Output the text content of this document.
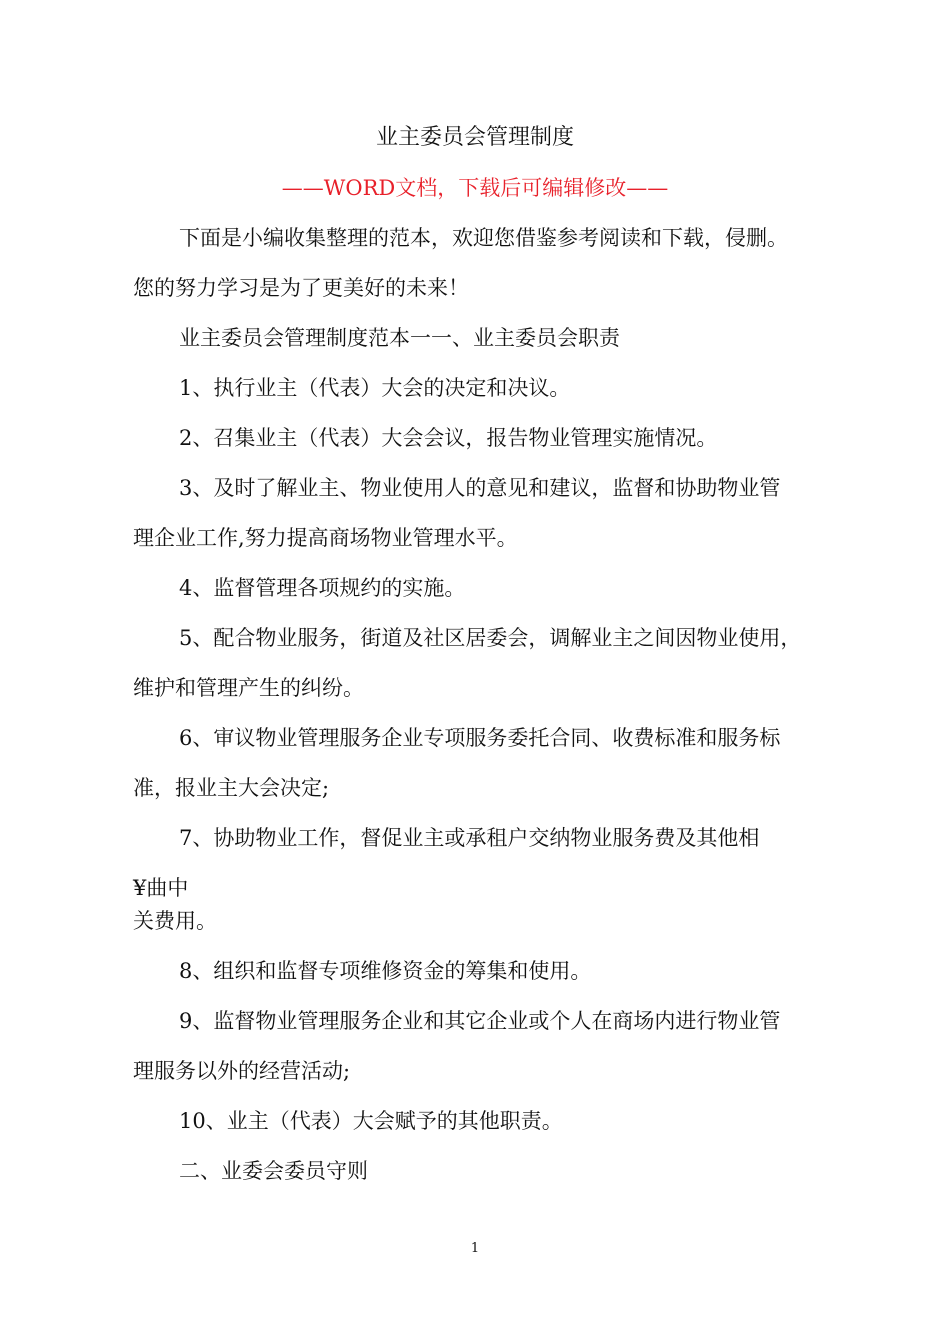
业主委员会管理制度
——WORD文档，下载后可编辑修改——
下面是小编收集整理的范本，欢迎您借鉴参考阅读和下载，侵删。
您的努力学习是为了更美好的未来！
业主委员会管理制度范本一一、业主委员会职责
1、执行业主（代表）大会的决定和决议。
2、召集业主（代表）大会会议，报告物业管理实施情况。
3、及时了解业主、物业使用人的意见和建议，监督和协助物业管
理企业工作,努力提高商场物业管理水平。
4、监督管理各项规约的实施。
5、配合物业服务，街道及社区居委会，调解业主之间因物业使用，
维护和管理产生的纠纷。
6、审议物业管理服务企业专项服务委托合同、收费标准和服务标
准，报业主大会决定;
7、协助物业工作，督促业主或承租户交纳物业服务费及其他相
¥曲中
关费用。
8、组织和监督专项维修资金的筹集和使用。
9、监督物业管理服务企业和其它企业或个人在商场内进行物业管
理服务以外的经营活动;
10、业主（代表）大会赋予的其他职责。
二、业委会委员守则
1
